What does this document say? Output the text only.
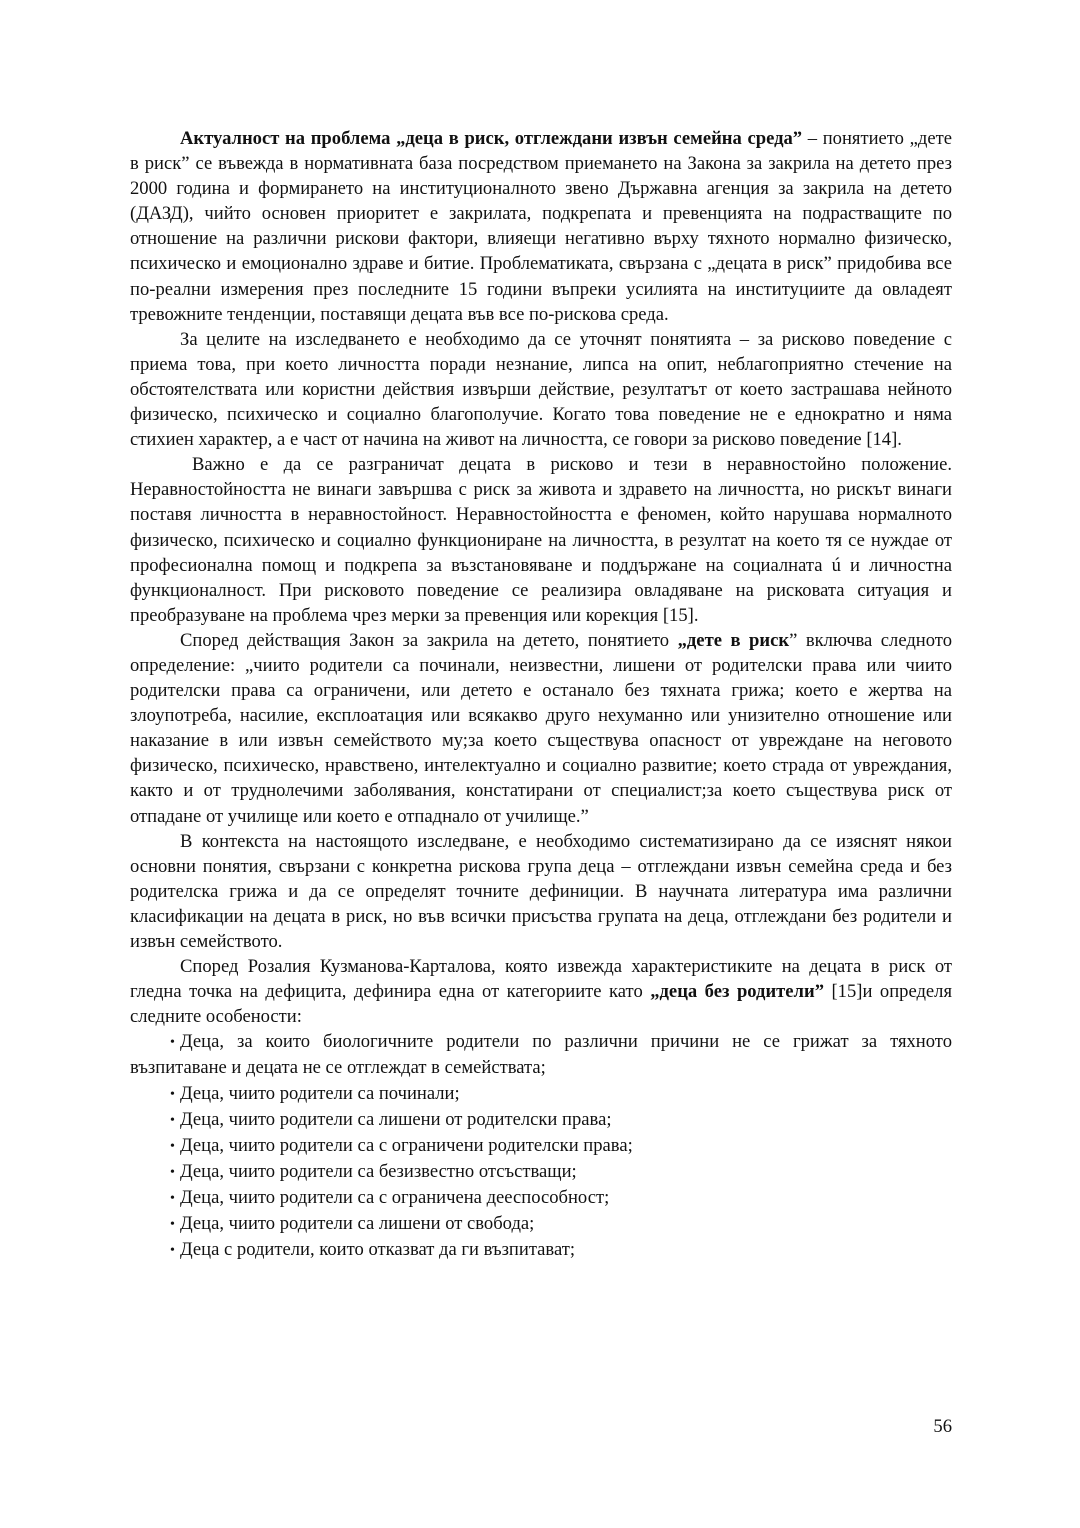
Актуалност на проблема „деца в риск, отглеждани извън семейна среда” – понятието „дете в риск” се въвежда в нормативната база посредством приемането на Закона за закрила на детето през 2000 година и формирането на институционалното звено Държавна агенция за закрила на детето (ДАЗД), чийто основен приоритет е закрилата, подкрепата и превенцията на подрастващите по отношение на различни рискови фактори, влияещи негативно върху тяхното нормално физическо, психическо и емоционално здраве и битие. Проблематиката, свързана с „децата в риск” придобива все по-реални измерения през последните 15 години въпреки усилията на институциите да овладеят тревожните тенденции, поставящи децата във все по-рискова среда.

За целите на изследването е необходимо да се уточнят понятията – за рисково поведение с приема това, при което личността поради незнание, липса на опит, неблагоприятно стечение на обстоятелствата или користни действия извърши действие, резултатът от което застрашава нейното физическо, психическо и социално благополучие. Когато това поведение не е еднократно и няма стихиен характер, а е част от начина на живот на личността, се говори за рисково поведение [14].

Важно е да се разграничат децата в рисково и тези в неравностойно положение. Неравностойността не винаги завършва с риск за живота и здравето на личността, но рискът винаги поставя личността в неравностойност. Неравностойността е феномен, който нарушава нормалното физическо, психическо и социално функциониране на личността, в резултат на което тя се нуждае от професионална помощ и подкрепа за възстановяване и поддържане на социалната ú и личностна функционалност. При рисковото поведение се реализира овладяване на рисковата ситуация и преобразуване на проблема чрез мерки за превенция или корекция [15].

Според действащия Закон за закрила на детето, понятието „дете в риск” включва следното определение: „чиито родители са починали, неизвестни, лишени от родителски права или чиито родителски права са ограничени, или детето е останало без тяхната грижа; което е жертва на злоупотреба, насилие, експлоатация или всякакво друго нехуманно или унизително отношение или наказание в или извън семейството му;за което съществува опасност от увреждане на неговото физическо, психическо, нравствено, интелектуално и социално развитие; което страда от увреждания, както и от труднолечими заболявания, констатирани от специалист;за което съществува риск от отпадане от училище или което е отпаднало от училище.”

В контекста на настоящото изследване, е необходимо систематизирано да се изяснят някои основни понятия, свързани с конкретна рискова група деца – отглеждани извън семейна среда и без родителска грижа и да се определят точните дефиниции. В научната литература има различни класификации на децата в риск, но във всички присъства групата на деца, отглеждани без родители и извън семейството.

Според Розалия Кузманова-Карталова, която извежда характеристиките на децата в риск от гледна точка на дефицита, дефинира една от категориите като „деца без родители” [15]и определя следните особености:

• Деца, за които биологичните родители по различни причини не се грижат за тяхното възпитаване и децата не се отглеждат в семействата;
• Деца, чиито родители са починали;
• Деца, чиито родители са лишени от родителски права;
• Деца, чиито родители са с ограничени родителски права;
• Деца, чиито родители са безизвестно отсъстващи;
• Деца, чиито родители са с ограничена дееспособност;
• Деца, чиито родители са лишени от свобода;
• Деца с родители, които отказват да ги възпитават;
56
